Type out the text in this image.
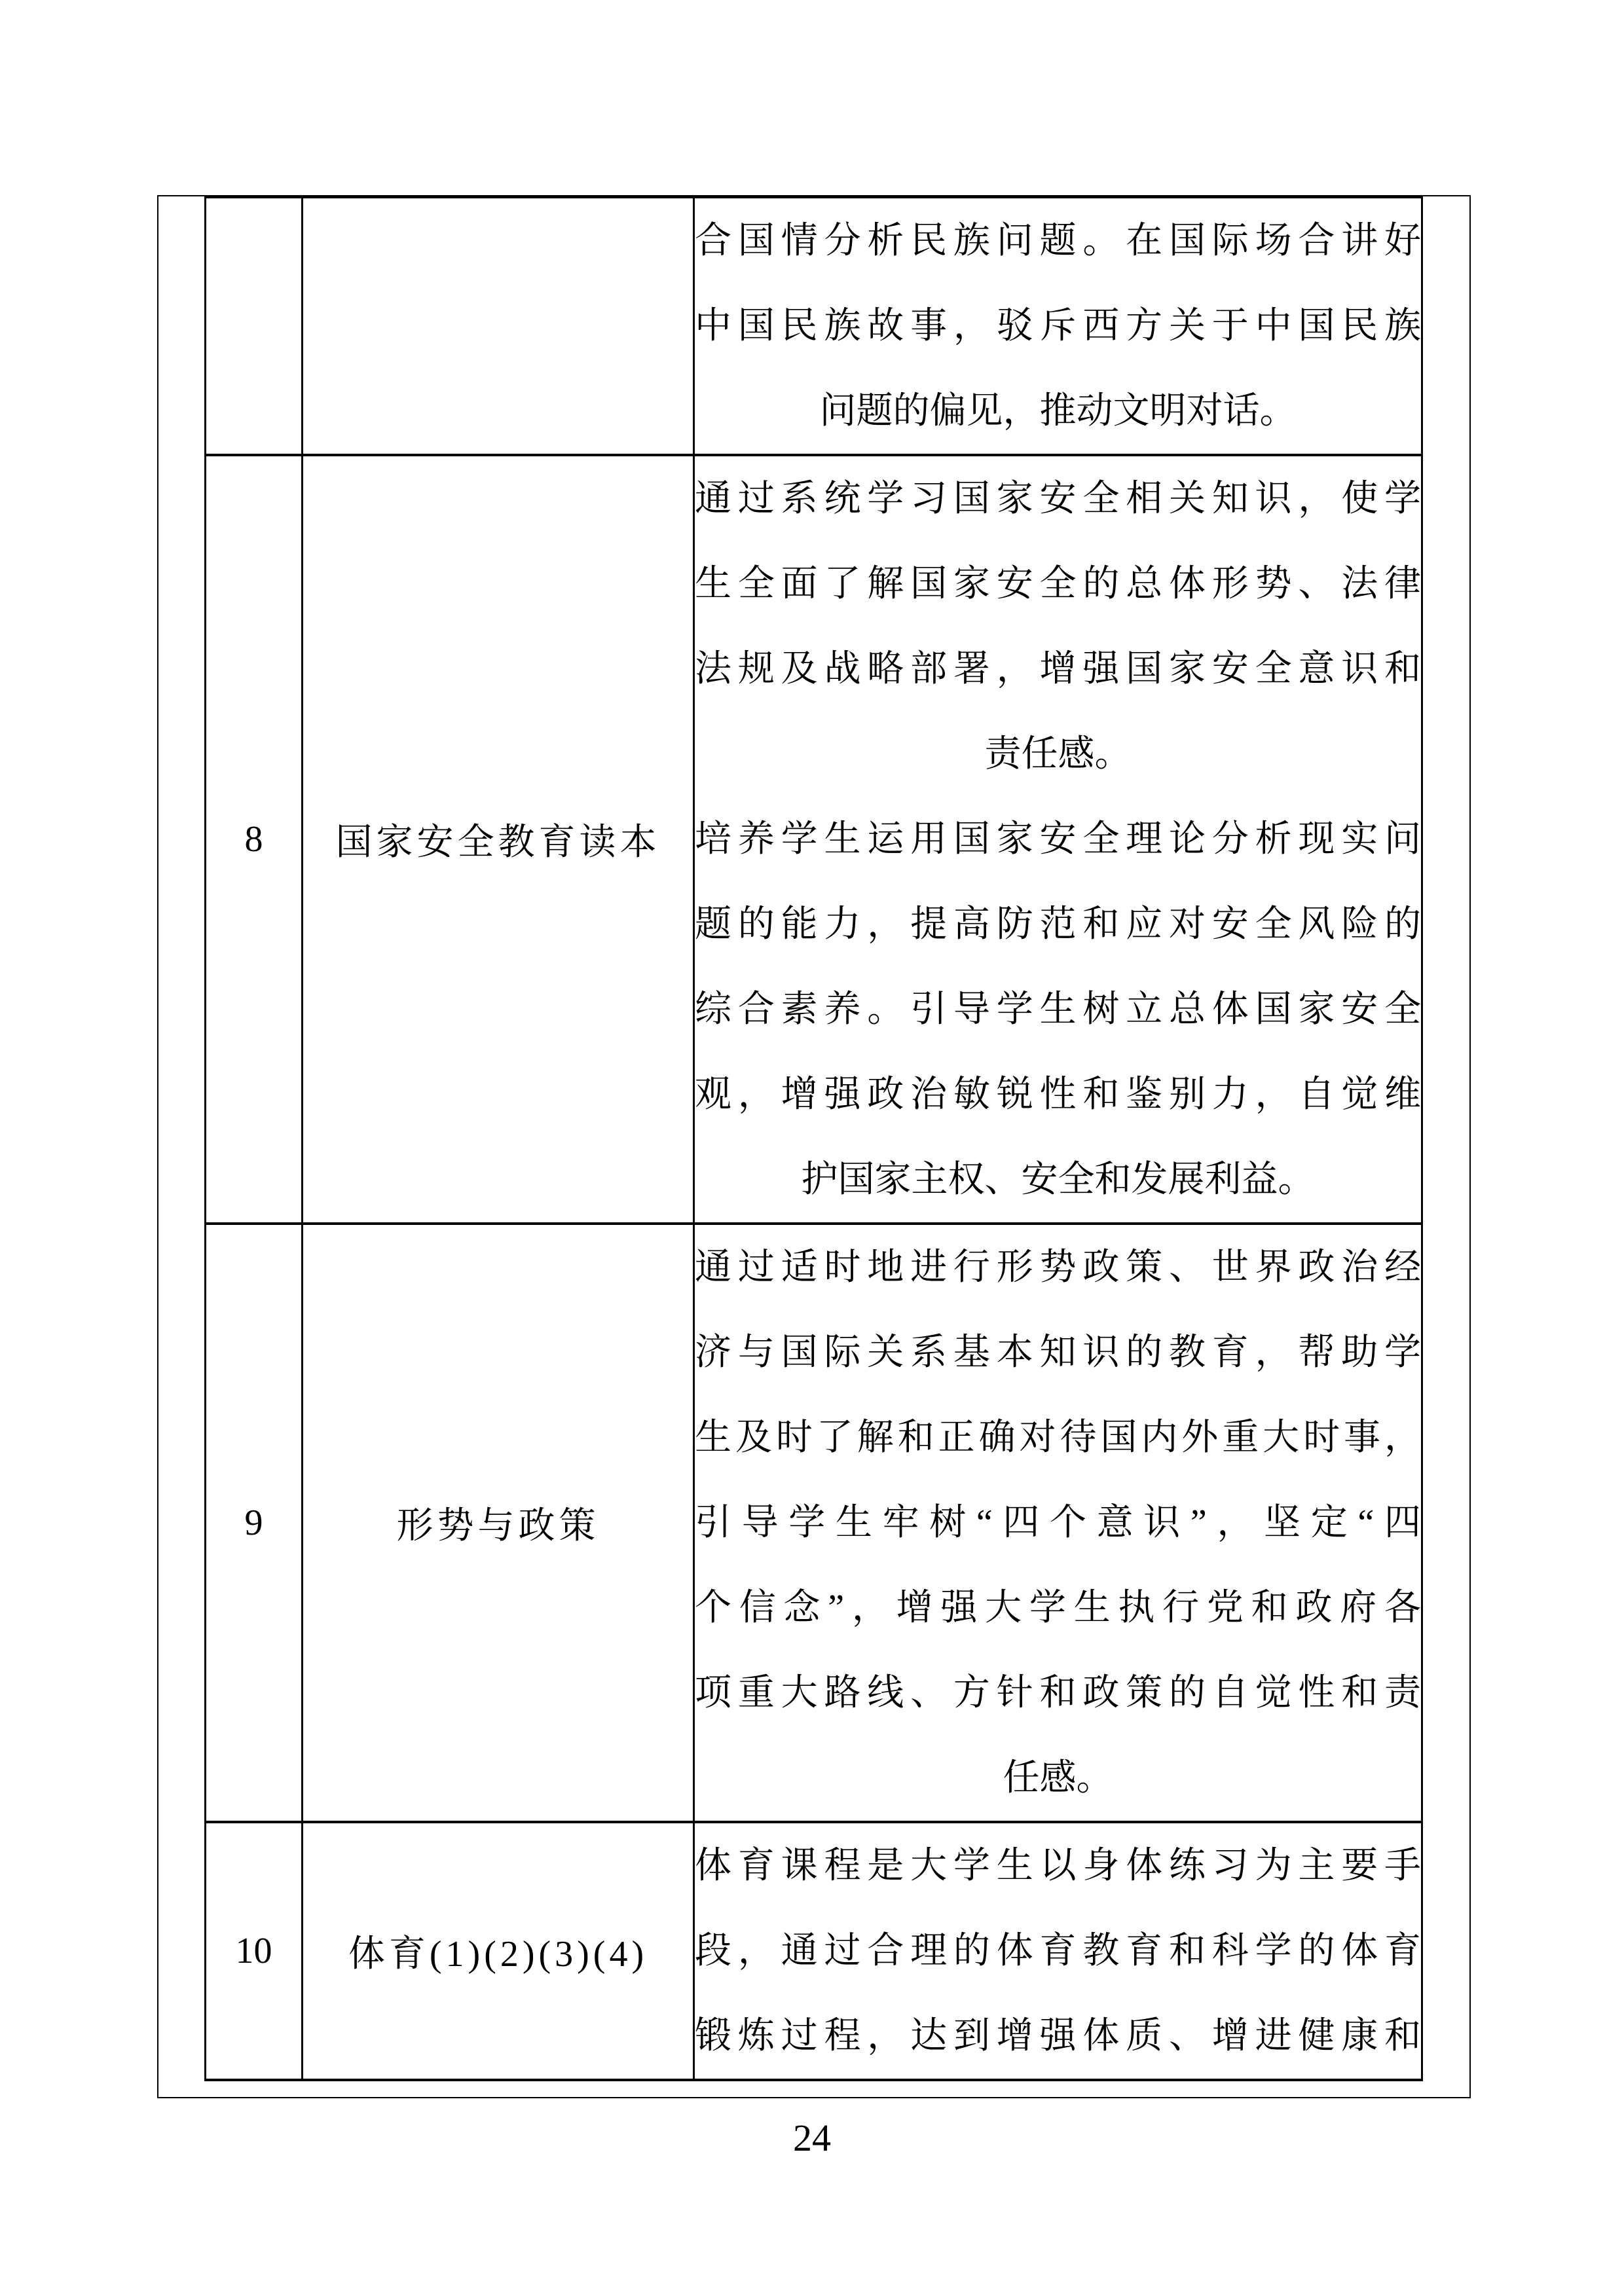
合 国 情 分 析 民 族 问 题 。 在 国 际 场 合 讲 好
中 国 民 族 故 事 ， 驳 斥 西 方 关 于 中 国 民 族
问题的偏见，推动文明对话。

8	国家安全教育读本	
通 过 系 统 学 习 国 家 安 全 相 关 知 识 ， 使 学
生 全 面 了 解 国 家 安 全 的 总 体 形 势 、 法 律
法 规 及 战 略 部 署 ， 增 强 国 家 安 全 意 识 和
责任感。
培 养 学 生 运 用 国 家 安 全 理 论 分 析 现 实 问
题 的 能 力 ， 提 高 防 范 和 应 对 安 全 风 险 的
综 合 素 养 。 引 导 学 生 树 立 总 体 国 家 安 全
观 ， 增 强 政 治 敏 锐 性 和 鉴 别 力 ， 自 觉 维
护国家主权、安全和发展利益。

9	形势与政策	
通 过 适 时 地 进 行 形 势 政 策 、 世 界 政 治 经
济 与 国 际 关 系 基 本 知 识 的 教 育 ， 帮 助 学
生 及 时 了 解 和 正 确 对 待 国 内 外 重 大 时 事 ，
引 导 学 生 牢 树 “ 四 个 意 识 ” ， 坚 定 “ 四
个 信 念 ” ， 增 强 大 学 生 执 行 党 和 政 府 各
项 重 大 路 线 、 方 针 和 政 策 的 自 觉 性 和 责
任感。

10	体育(1)(2)(3)(4)	
体 育 课 程 是 大 学 生 以 身 体 练 习 为 主 要 手
段 ， 通 过 合 理 的 体 育 教 育 和 科 学 的 体 育
锻 炼 过 程 ， 达 到 增 强 体 质 、 增 进 健 康 和
24
